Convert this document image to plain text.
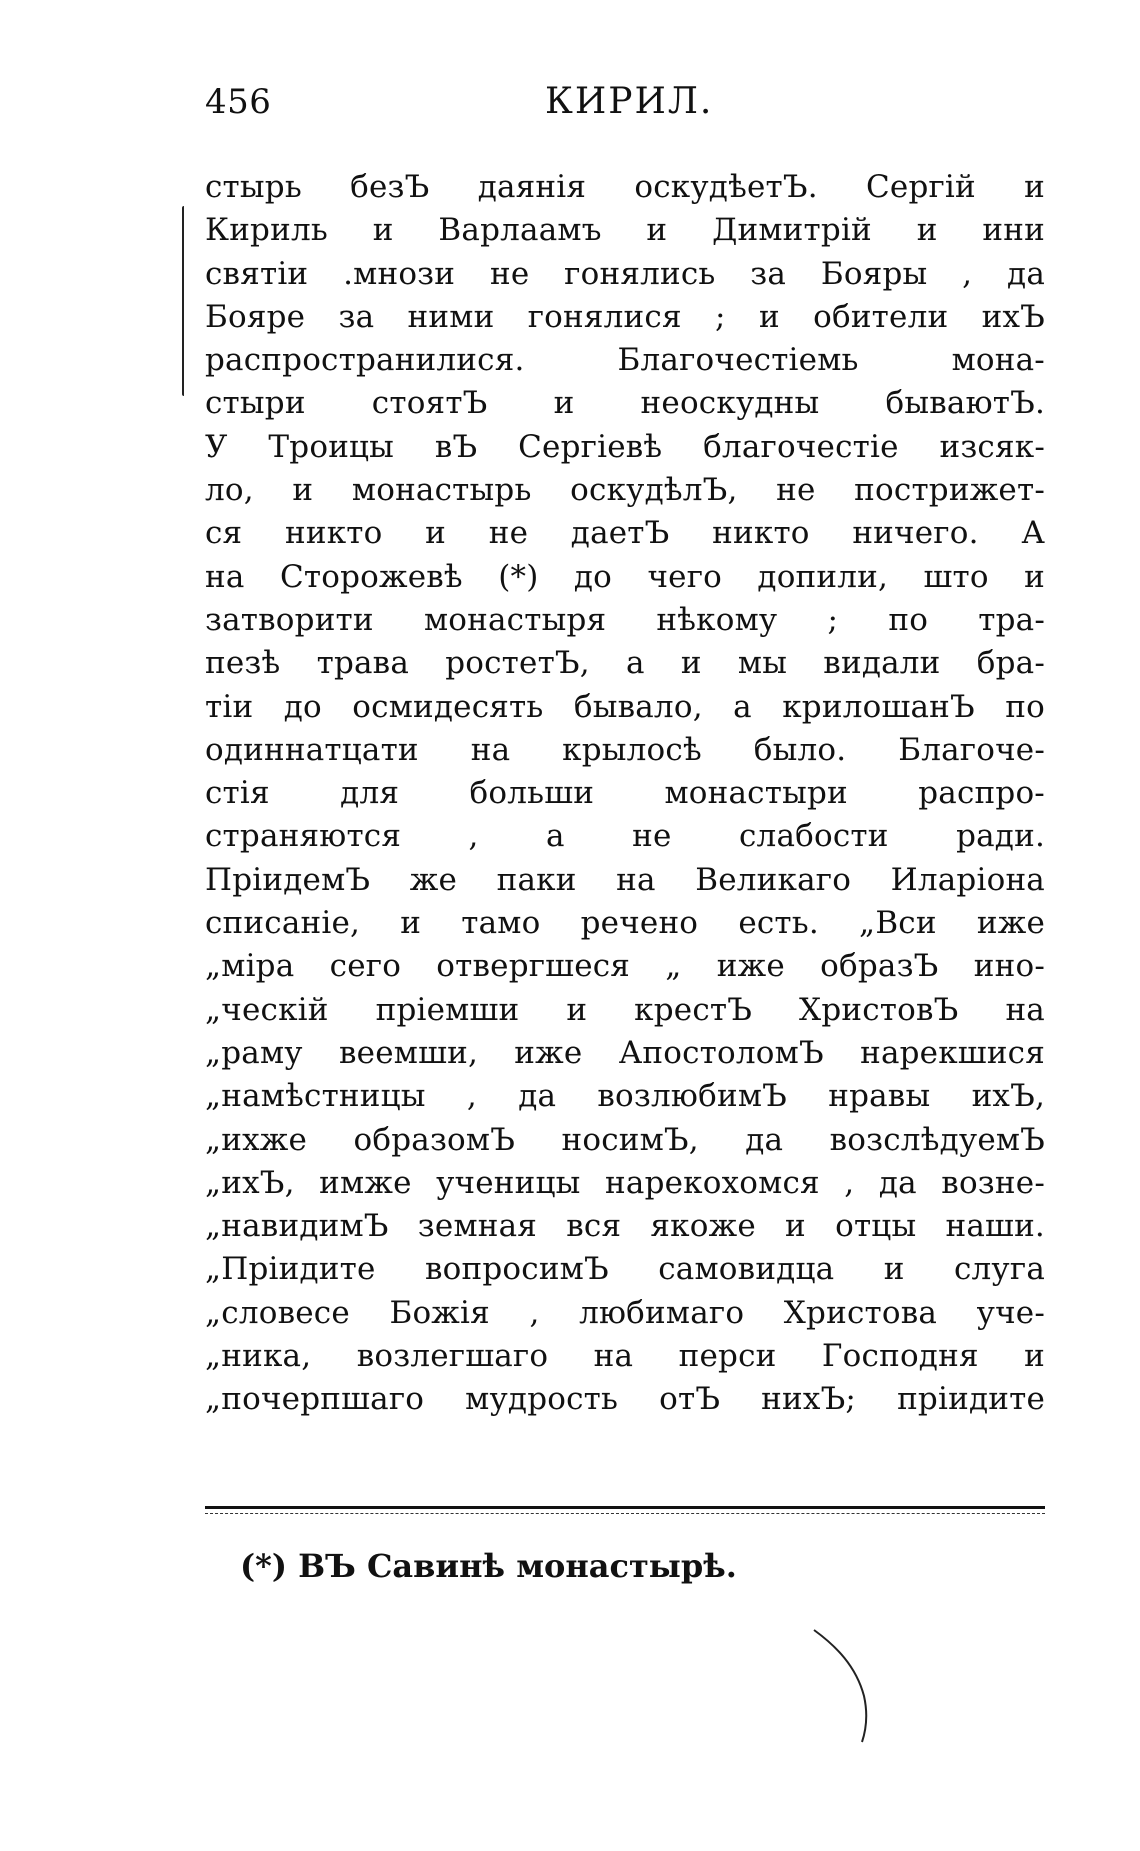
456	КИРИЛ.
стырь безЪ даянія оскудѣетЪ. Сергій и
Кириль и Варлаамъ и Димитрій и ини
святіи .мнози не гонялись за Бояры , да
Бояре за ними гонялися ; и обители ихЪ
распространилися. Благочестіемь мона-
стыри стоятЪ и неоскудны бываютЪ.
У Троицы вЪ Сергіевѣ благочестіе изсяк-
ло, и монастырь оскудѣлЪ, не пострижет-
ся никто и не даетЪ никто ничего. А
на Сторожевѣ (*) до чего допили, што и
затворити монастыря нѣкому ; по тра-
пезѣ трава ростетЪ, а и мы видали бра-
тіи до осмидесять бывало, а крилошанЪ по
одиннатцати на крылосѣ было. Благоче-
стія для больши монастыри распро-
страняются , а не слабости ради.
ПріидемЪ же паки на Великаго Иларіона
списаніе, и тамо речено есть. „Вси иже
„міра сего отвергшеся „ иже образЪ ино-
„ческій пріемши и крестЪ ХристовЪ на
„раму веемши, иже АпостоломЪ нарекшися
„намѣстницы , да возлюбимЪ нравы ихЪ,
„ихже образомЪ носимЪ, да возслѣдуемЪ
„ихЪ, имже ученицы нарекохомся , да возне-
„навидимЪ земная вся якоже и отцы наши.
„Пріидите вопросимЪ самовидца и слуга
„словесе Божія , любимаго Христова уче-
„ника, возлегшаго на перси Господня и
„почерпшаго мудрость отЪ нихЪ; пріидите
(*) ВЪ Савинѣ монастырѣ.
